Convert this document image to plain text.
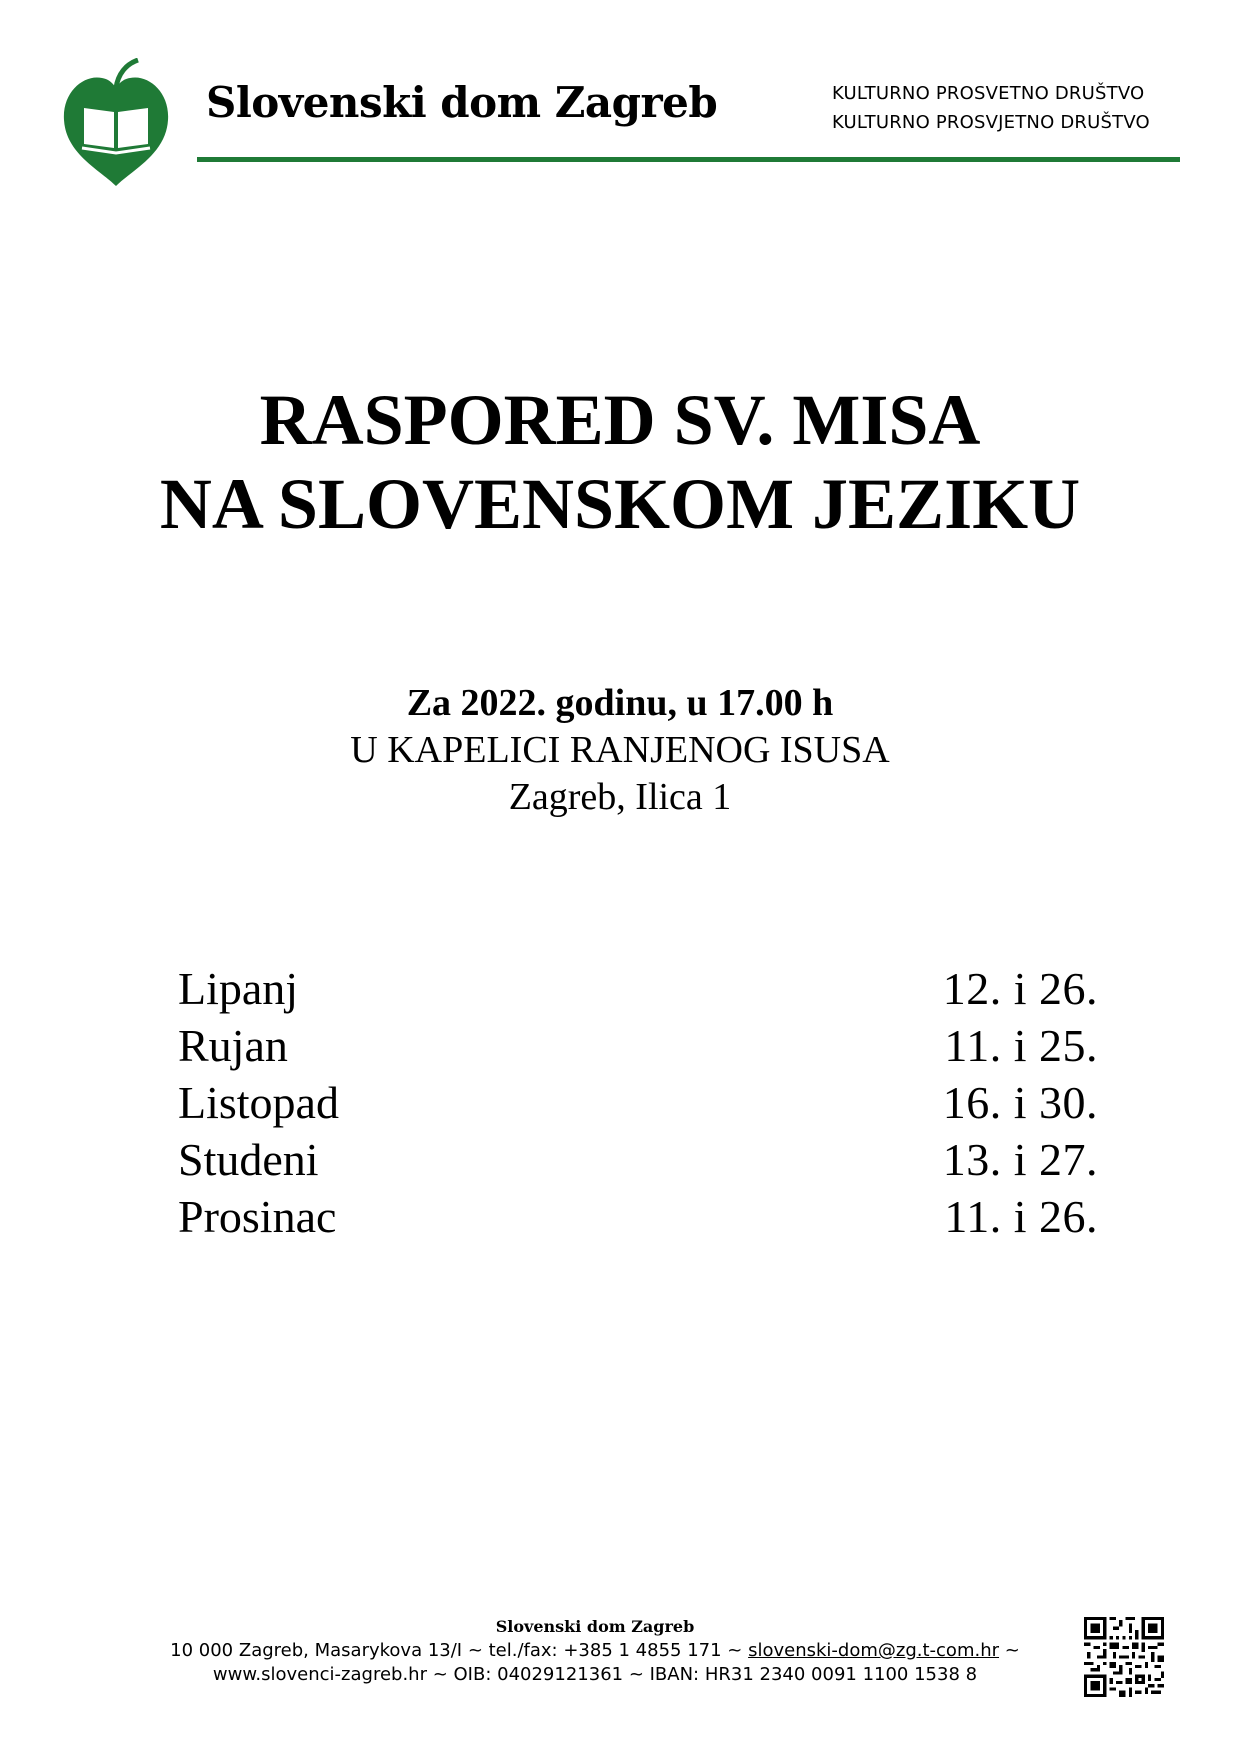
Slovenski dom Zagreb	KULTURNO PROSVETNO DRUŠTVO
KULTURNO PROSVJETNO DRUŠTVO
RASPORED SV. MISA
NA SLOVENSKOM JEZIKU
Za 2022. godinu, u 17.00 h
U KAPELICI RANJENOG ISUSA
Zagreb, Ilica 1
Lipanj	12. i 26.
Rujan	11. i 25.
Listopad	16. i 30.
Studeni	13. i 27.
Prosinac	11. i 26.
Slovenski dom Zagreb
10 000 Zagreb, Masarykova 13/I ~ tel./fax: +385 1 4855 171 ~ slovenski-dom@zg.t-com.hr ~
www.slovenci-zagreb.hr ~ OIB: 04029121361 ~ IBAN: HR31 2340 0091 1100 1538 8
